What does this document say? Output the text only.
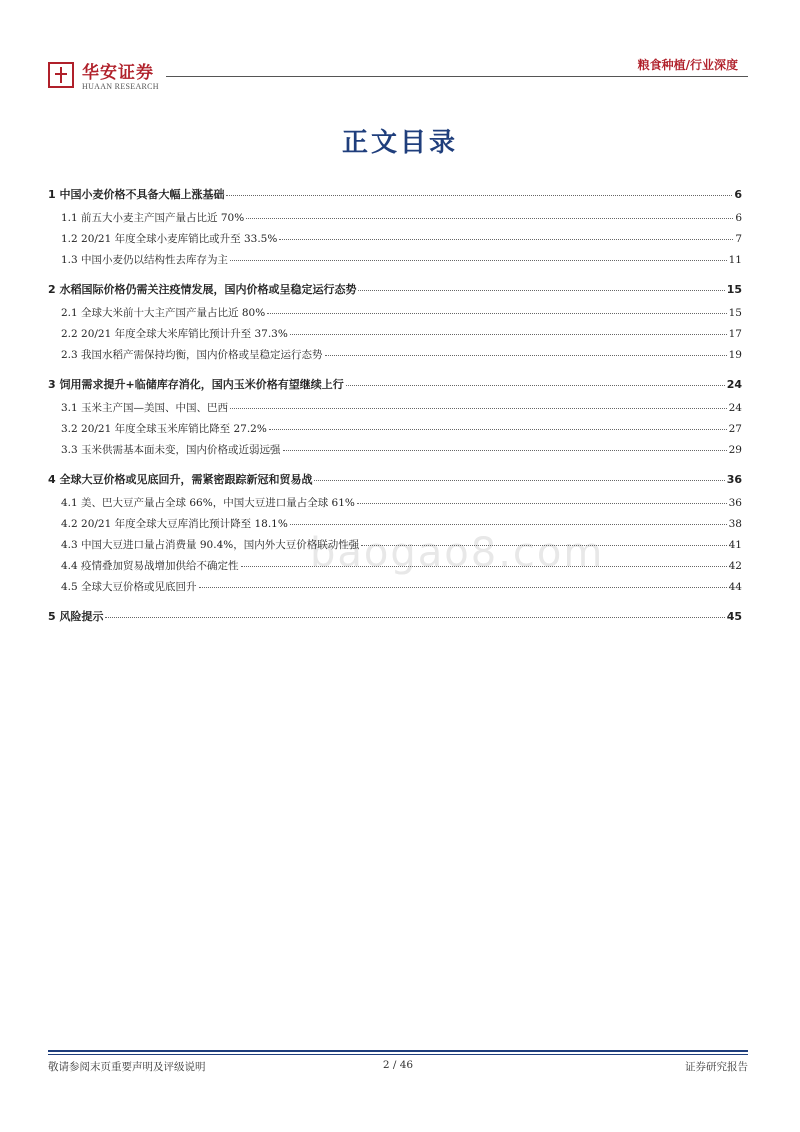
华安证券
HUAAN RESEARCH
粮食种植/行业深度
正文目录
baogao8.com
1 中国小麦价格不具备大幅上涨基础	6
1.1 前五大小麦主产国产量占比近 70%	6
1.2 20/21 年度全球小麦库销比或升至 33.5%	7
1.3 中国小麦仍以结构性去库存为主	11
2 水稻国际价格仍需关注疫情发展，国内价格或呈稳定运行态势	15
2.1 全球大米前十大主产国产量占比近 80%	15
2.2 20/21 年度全球大米库销比预计升至 37.3%	17
2.3 我国水稻产需保持均衡，国内价格或呈稳定运行态势	19
3 饲用需求提升+临储库存消化，国内玉米价格有望继续上行	24
3.1 玉米主产国—美国、中国、巴西	24
3.2 20/21 年度全球玉米库销比降至 27.2%	27
3.3 玉米供需基本面未变，国内价格或近弱远强	29
4 全球大豆价格或见底回升，需紧密跟踪新冠和贸易战	36
4.1 美、巴大豆产量占全球 66%，中国大豆进口量占全球 61%	36
4.2 20/21 年度全球大豆库消比预计降至 18.1%	38
4.3 中国大豆进口量占消费量 90.4%，国内外大豆价格联动性强	41
4.4 疫情叠加贸易战增加供给不确定性	42
4.5 全球大豆价格或见底回升	44
5 风险提示	45
敬请参阅末页重要声明及评级说明	2 / 46	证券研究报告
